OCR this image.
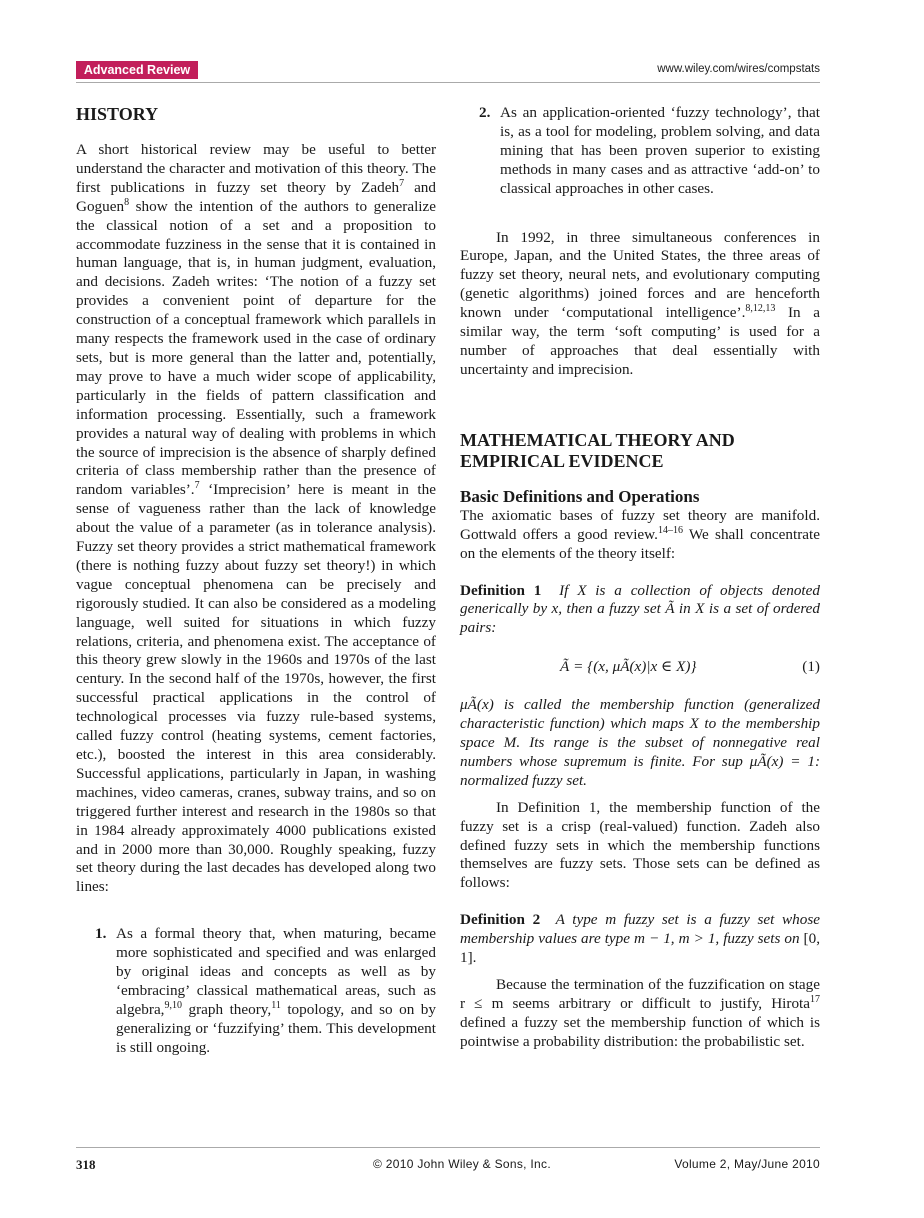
Advanced Review	www.wiley.com/wires/compstats
HISTORY

A short historical review may be useful to better understand the character and motivation of this theory. The first publications in fuzzy set theory by Zadeh$^7$ and Goguen$^8$ show the intention of the authors to generalize the classical notion of a set and a proposition to accommodate fuzziness in the sense that it is contained in human language, that is, in human judgment, evaluation, and decisions. Zadeh writes: ‘The notion of a fuzzy set provides a convenient point of departure for the construction of a conceptual framework which parallels in many respects the framework used in the case of ordinary sets, but is more general than the latter and, potentially, may prove to have a much wider scope of applicability, particularly in the fields of pattern classification and information processing. Essentially, such a framework provides a natural way of dealing with problems in which the source of imprecision is the absence of sharply defined criteria of class membership rather than the presence of random variables’.$^7$ ‘Imprecision’ here is meant in the sense of vagueness rather than the lack of knowledge about the value of a parameter (as in tolerance analysis). Fuzzy set theory provides a strict mathematical framework (there is nothing fuzzy about fuzzy set theory!) in which vague conceptual phenomena can be precisely and rigorously studied. It can also be considered as a modeling language, well suited for situations in which fuzzy relations, criteria, and phenomena exist. The acceptance of this theory grew slowly in the 1960s and 1970s of the last century. In the second half of the 1970s, however, the first successful practical applications in the control of technological processes via fuzzy rule-based systems, called fuzzy control (heating systems, cement factories, etc.), boosted the interest in this area considerably. Successful applications, particularly in Japan, in washing machines, video cameras, cranes, subway trains, and so on triggered further interest and research in the 1980s so that in 1984 already approximately 4000 publications existed and in 2000 more than 30,000. Roughly speaking, fuzzy set theory during the last decades has developed along two lines:

1. As a formal theory that, when maturing, became more sophisticated and specified and was enlarged by original ideas and concepts as well as by ‘embracing’ classical mathematical areas, such as algebra,$^{9,10}$ graph theory,$^{11}$ topology, and so on by generalizing or ‘fuzzifying’ them. This development is still ongoing.
2. As an application-oriented ‘fuzzy technology’, that is, as a tool for modeling, problem solving, and data mining that has been proven superior to existing methods in many cases and as attractive ‘add-on’ to classical approaches in other cases.

In 1992, in three simultaneous conferences in Europe, Japan, and the United States, the three areas of fuzzy set theory, neural nets, and evolutionary computing (genetic algorithms) joined forces and are henceforth known under ‘computational intelligence’.$^{8,12,13}$ In a similar way, the term ‘soft computing’ is used for a number of approaches that deal essentially with uncertainty and imprecision.

MATHEMATICAL THEORY AND
EMPIRICAL EVIDENCE
Basic Definitions and Operations

The axiomatic bases of fuzzy set theory are manifold. Gottwald offers a good review.$^{14-16}$ We shall concentrate on the elements of the theory itself:

Definition 1 If X is a collection of objects denoted generically by x, then a fuzzy set Ã in X is a set of ordered pairs:

Ã = {(x, μÃ(x)|x ∈ X)}	(1)

μÃ(x) is called the membership function (generalized characteristic function) which maps X to the membership space M. Its range is the subset of nonnegative real numbers whose supremum is finite. For sup μÃ(x) = 1: normalized fuzzy set.

In Definition 1, the membership function of the fuzzy set is a crisp (real-valued) function. Zadeh also defined fuzzy sets in which the membership functions themselves are fuzzy sets. Those sets can be defined as follows:

Definition 2 A type m fuzzy set is a fuzzy set whose membership values are type m − 1, m > 1, fuzzy sets on [0, 1].

Because the termination of the fuzzification on stage r ≤ m seems arbitrary or difficult to justify, Hirota$^{17}$ defined a fuzzy set the membership function of which is pointwise a probability distribution: the probabilistic set.

318	© 2010 John Wiley & Sons, Inc.	Volume 2, May/June 2010
